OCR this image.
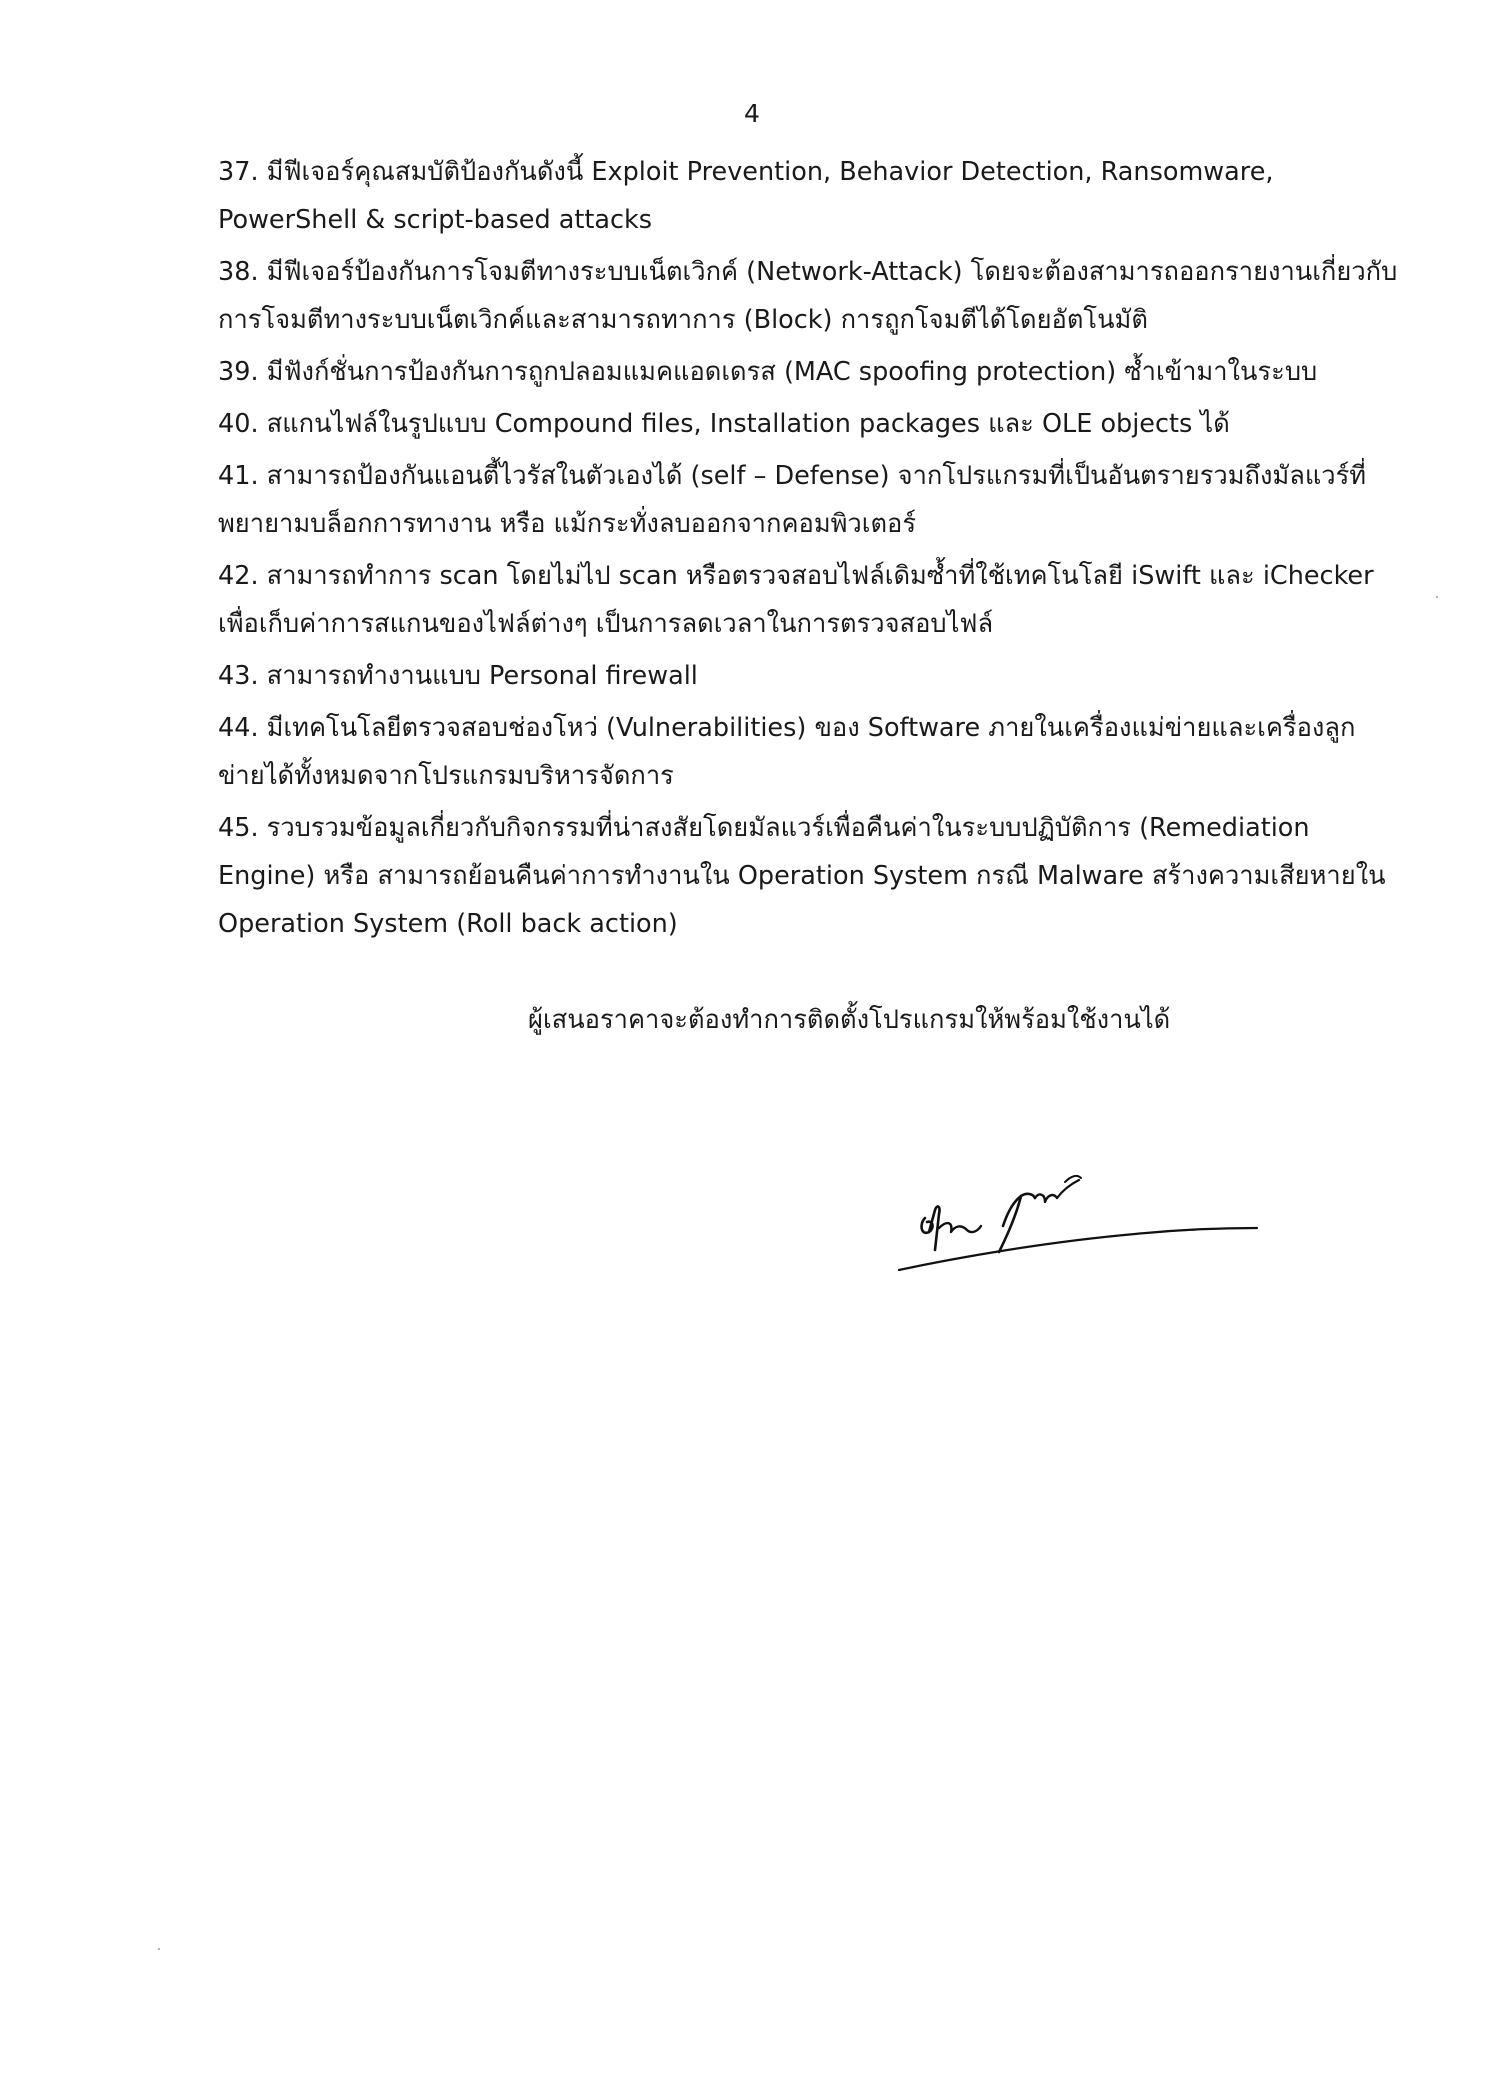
4
37. มีฟีเจอร์คุณสมบัติป้องกันดังนี้ Exploit Prevention, Behavior Detection, Ransomware, PowerShell & script-based attacks
38. มีฟีเจอร์ป้องกันการโจมตีทางระบบเน็ตเวิกค์ (Network-Attack) โดยจะต้องสามารถออกรายงานเกี่ยวกับการโจมตีทางระบบเน็ตเวิกค์และสามารถทาการ (Block) การถูกโจมตีได้โดยอัตโนมัติ
39. มีฟังก์ชั่นการป้องกันการถูกปลอมแมคแอดเดรส (MAC spoofing protection) ซ้ำเข้ามาในระบบ
40. สแกนไฟล์ในรูปแบบ Compound files, Installation packages และ OLE objects ได้
41. สามารถป้องกันแอนตี้ไวรัสในตัวเองได้ (self – Defense) จากโปรแกรมที่เป็นอันตรายรวมถึงมัลแวร์ที่พยายามบล็อกการทางาน หรือ แม้กระทั่งลบออกจากคอมพิวเตอร์
42. สามารถทำการ scan โดยไม่ไป scan หรือตรวจสอบไฟล์เดิมซ้ำที่ใช้เทคโนโลยี iSwift และ iChecker เพื่อเก็บค่าการสแกนของไฟล์ต่างๆ เป็นการลดเวลาในการตรวจสอบไฟล์
43. สามารถทำงานแบบ Personal firewall
44. มีเทคโนโลยีตรวจสอบช่องโหว่ (Vulnerabilities) ของ Software ภายในเครื่องแม่ข่ายและเครื่องลูกข่ายได้ทั้งหมดจากโปรแกรมบริหารจัดการ
45. รวบรวมข้อมูลเกี่ยวกับกิจกรรมที่น่าสงสัยโดยมัลแวร์เพื่อคืนค่าในระบบปฏิบัติการ (Remediation Engine) หรือ สามารถย้อนคืนค่าการทำงานใน Operation System กรณี Malware สร้างความเสียหายใน Operation System (Roll back action)
ผู้เสนอราคาจะต้องทำการติดตั้งโปรแกรมให้พร้อมใช้งานได้
